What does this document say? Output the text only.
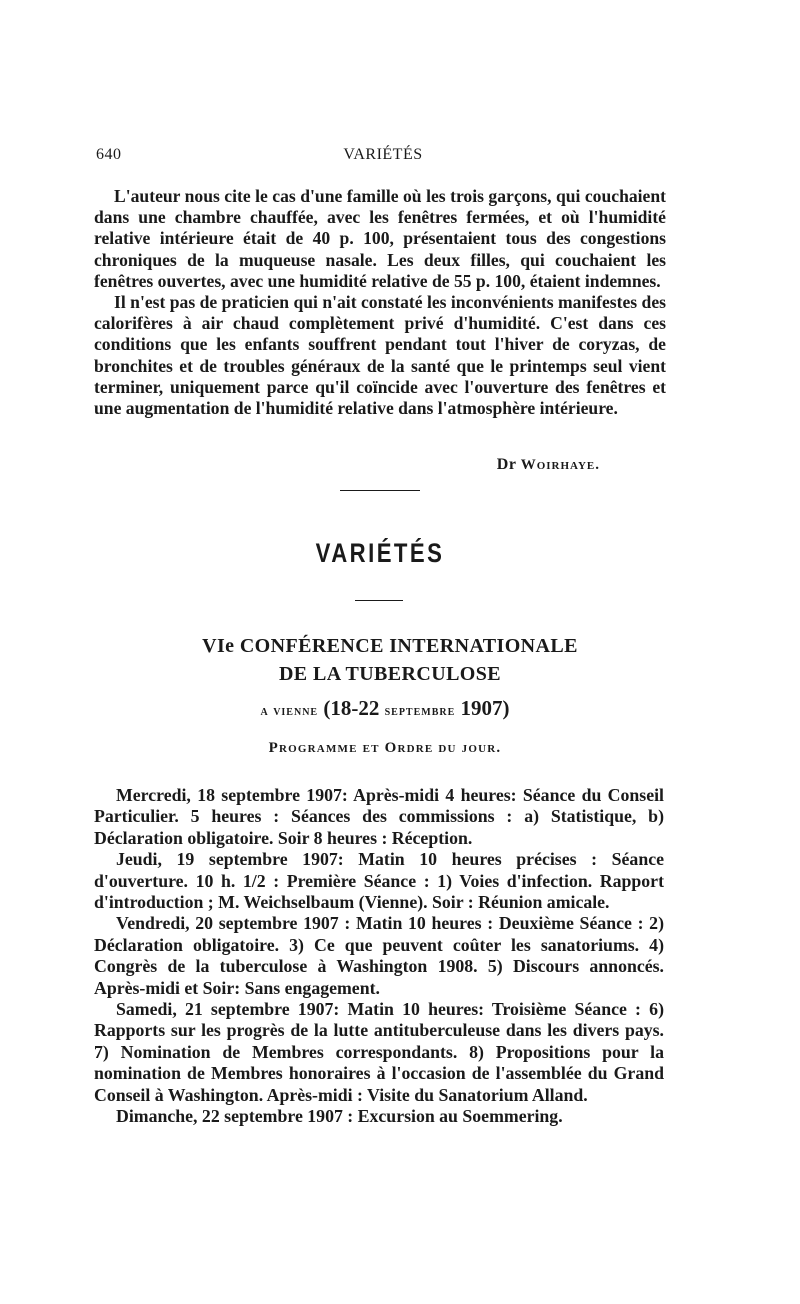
640	VARIÉTÉS

L'auteur nous cite le cas d'une famille où les trois garçons, qui couchaient dans une chambre chauffée, avec les fenêtres fermées, et où l'humidité relative intérieure était de 40 p. 100, présentaient tous des congestions chroniques de la muqueuse nasale. Les deux filles, qui couchaient les fenêtres ouvertes, avec une humidité relative de 55 p. 100, étaient indemnes.

Il n'est pas de praticien qui n'ait constaté les inconvénients manifestes des calorifères à air chaud complètement privé d'humidité. C'est dans ces conditions que les enfants souffrent pendant tout l'hiver de coryzas, de bronchites et de troubles généraux de la santé que le printemps seul vient terminer, uniquement parce qu'il coïncide avec l'ouverture des fenêtres et une augmentation de l'humidité relative dans l'atmosphère intérieure.

Dr Woirhaye.
VARIÉTÉS
VIe CONFÉRENCE INTERNATIONALE
DE LA TUBERCULOSE
a vienne (18-22 septembre 1907)
Programme et Ordre du jour.

Mercredi, 18 septembre 1907: Après-midi 4 heures: Séance du Conseil Particulier. 5 heures : Séances des commissions : a) Statistique, b) Déclaration obligatoire. Soir 8 heures : Réception.

Jeudi, 19 septembre 1907: Matin 10 heures précises : Séance d'ouverture. 10 h. 1/2 : Première Séance : 1) Voies d'infection. Rapport d'introduction ; M. Weichselbaum (Vienne). Soir : Réunion amicale.

Vendredi, 20 septembre 1907 : Matin 10 heures : Deuxième Séance : 2) Déclaration obligatoire. 3) Ce que peuvent coûter les sanatoriums. 4) Congrès de la tuberculose à Washington 1908. 5) Discours annoncés. Après-midi et Soir: Sans engagement.

Samedi, 21 septembre 1907: Matin 10 heures: Troisième Séance : 6) Rapports sur les progrès de la lutte antituberculeuse dans les divers pays. 7) Nomination de Membres correspondants. 8) Propositions pour la nomination de Membres honoraires à l'occasion de l'assemblée du Grand Conseil à Washington. Après-midi : Visite du Sanatorium Alland.

Dimanche, 22 septembre 1907 : Excursion au Soemmering.
